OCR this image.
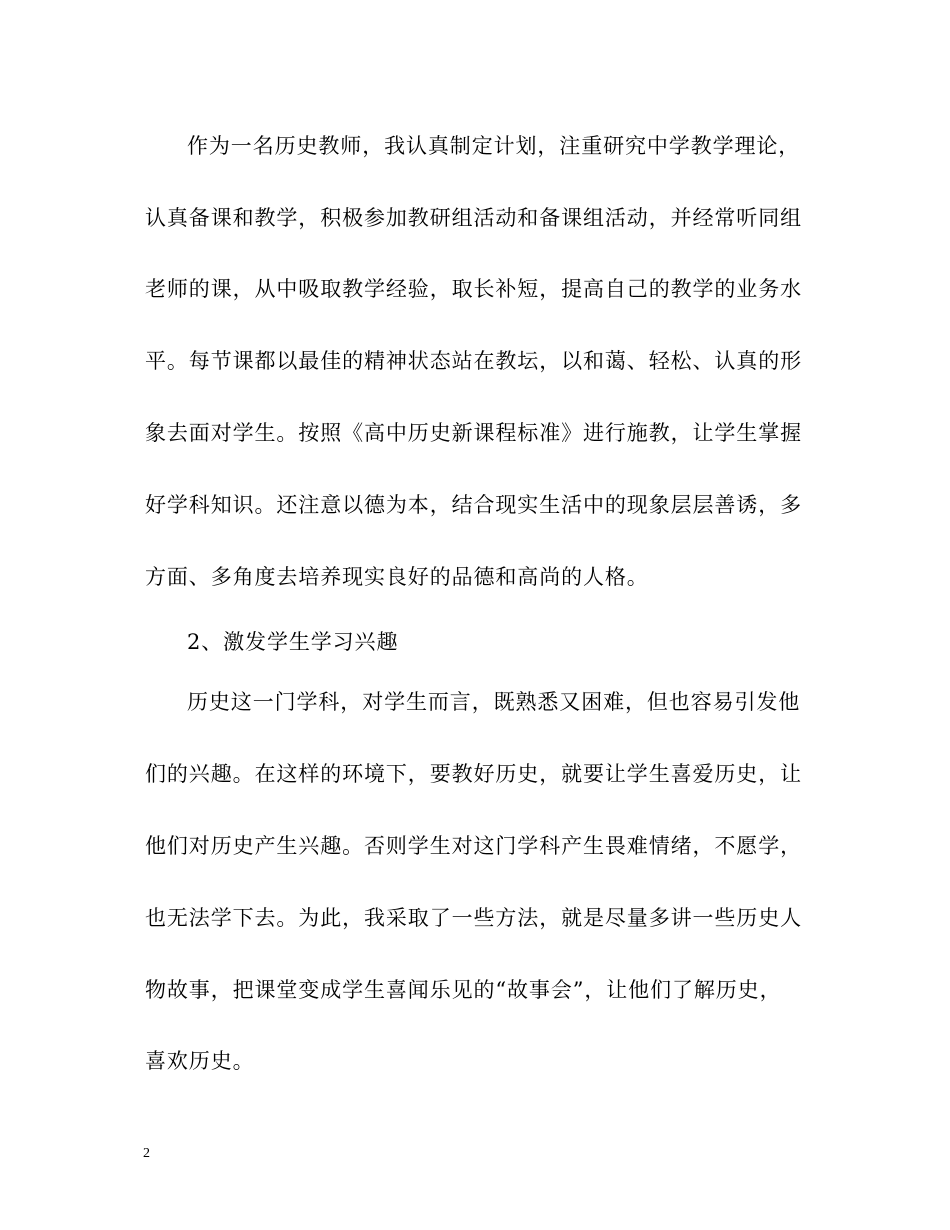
作为一名历史教师，我认真制定计划，注重研究中学教学理论，
认真备课和教学，积极参加教研组活动和备课组活动，并经常听同组
老师的课，从中吸取教学经验，取长补短，提高自己的教学的业务水
平。每节课都以最佳的精神状态站在教坛，以和蔼、轻松、认真的形
象去面对学生。按照《高中历史新课程标准》进行施教，让学生掌握
好学科知识。还注意以德为本，结合现实生活中的现象层层善诱，多
方面、多角度去培养现实良好的品德和高尚的人格。
2、激发学生学习兴趣
历史这一门学科，对学生而言，既熟悉又困难，但也容易引发他
们的兴趣。在这样的环境下，要教好历史，就要让学生喜爱历史，让
他们对历史产生兴趣。否则学生对这门学科产生畏难情绪，不愿学，
也无法学下去。为此，我采取了一些方法，就是尽量多讲一些历史人
物故事，把课堂变成学生喜闻乐见的“故事会”，让他们了解历史，
喜欢历史。
2
